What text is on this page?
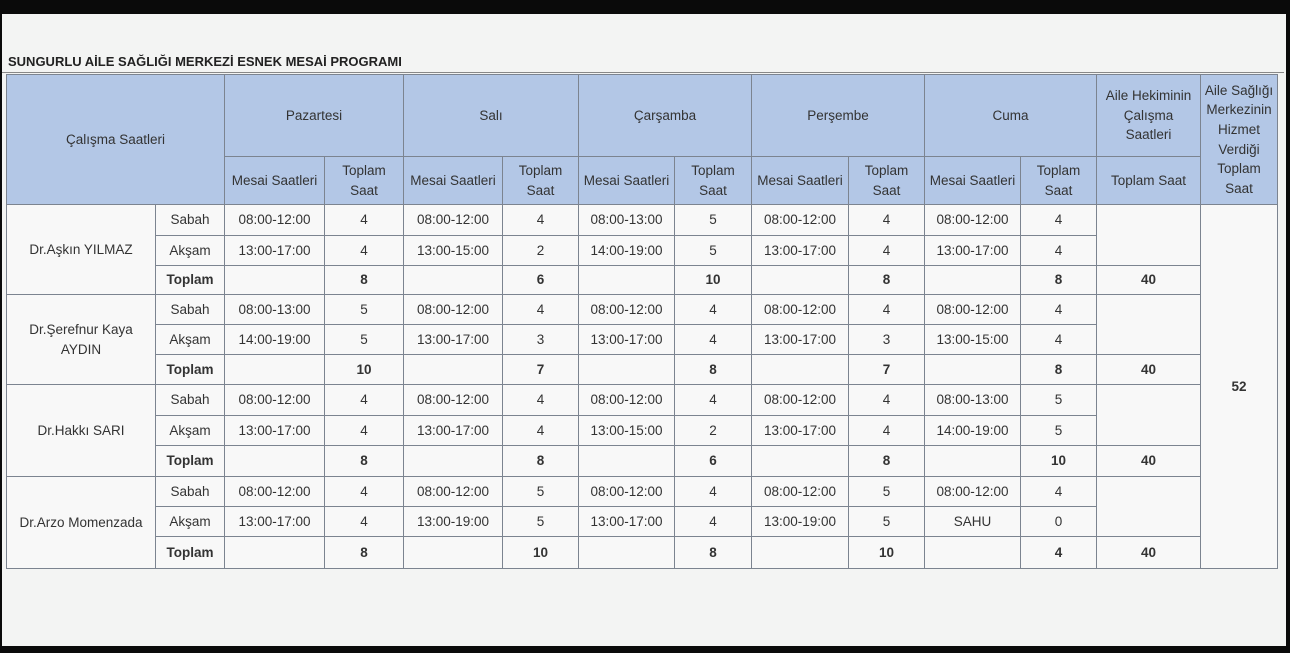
SUNGURLU AİLE SAĞLIĞI MERKEZİ ESNEK MESAİ PROGRAMI
Çalışma Saatleri		Pazartesi		Salı		Çarşamba		Perşembe		Cuma		Aile Hekiminin Çalışma Saatleri	Aile Sağlığı Merkezinin Hizmet Verdiği Toplam Saat
		Mesai Saatleri	Toplam Saat	Mesai Saatleri	Toplam Saat	Mesai Saatleri	Toplam Saat	Mesai Saatleri	Toplam Saat	Mesai Saatleri	Toplam Saat	Toplam Saat	
Dr.Aşkın YILMAZ	Sabah	08:00-12:00	4	08:00-12:00	4	08:00-13:00	5	08:00-12:00	4	08:00-12:00	4		52
	Akşam	13:00-17:00	4	13:00-15:00	2	14:00-19:00	5	13:00-17:00	4	13:00-17:00	4		
	Toplam		8		6		10		8		8	40	
Dr.Şerefnur Kaya AYDIN	Sabah	08:00-13:00	5	08:00-12:00	4	08:00-12:00	4	08:00-12:00	4	08:00-12:00	4		
	Akşam	14:00-19:00	5	13:00-17:00	3	13:00-17:00	4	13:00-17:00	3	13:00-15:00	4		
	Toplam		10		7		8		7		8	40	
Dr.Hakkı SARI	Sabah	08:00-12:00	4	08:00-12:00	4	08:00-12:00	4	08:00-12:00	4	08:00-13:00	5		
	Akşam	13:00-17:00	4	13:00-17:00	4	13:00-15:00	2	13:00-17:00	4	14:00-19:00	5		
	Toplam		8		8		6		8		10	40	
Dr.Arzo Momenzada	Sabah	08:00-12:00	4	08:00-12:00	5	08:00-12:00	4	08:00-12:00	5	08:00-12:00	4		
	Akşam	13:00-17:00	4	13:00-19:00	5	13:00-17:00	4	13:00-19:00	5	SAHU	0		
	Toplam		8		10		8		10		4	40	
